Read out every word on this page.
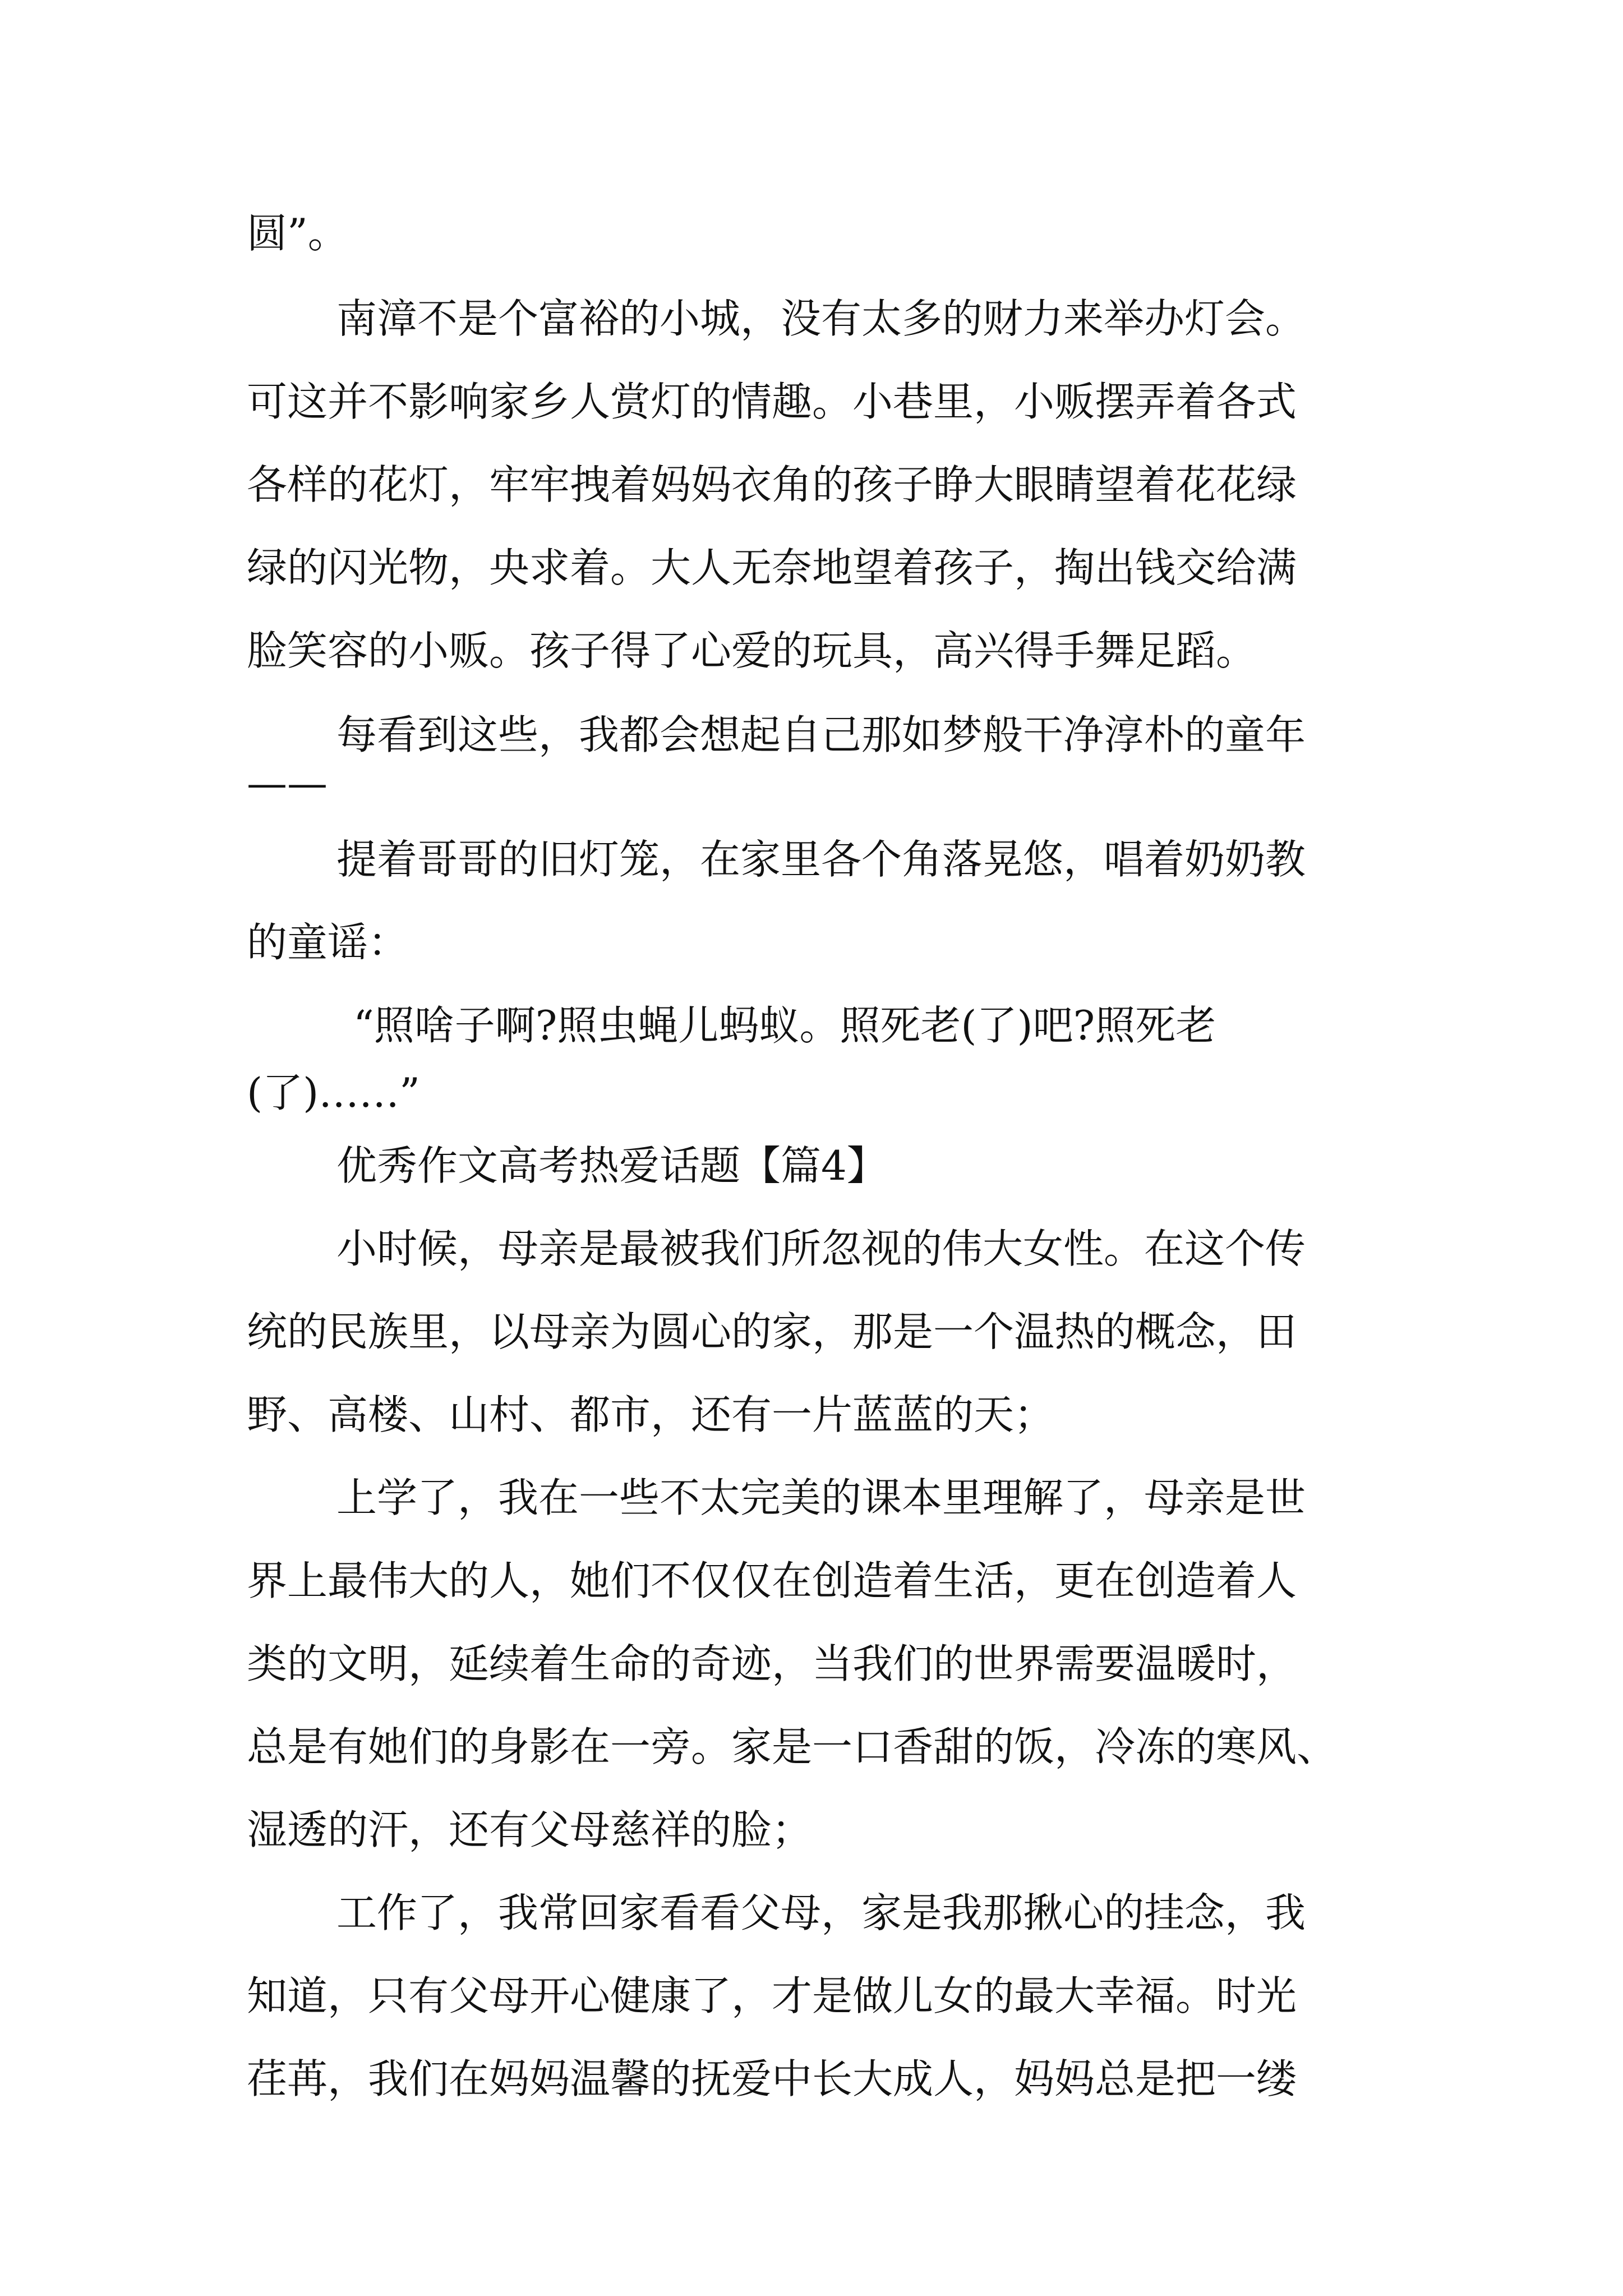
圆”。
南漳不是个富裕的小城，没有太多的财力来举办灯会。
可这并不影响家乡人赏灯的情趣。小巷里，小贩摆弄着各式
各样的花灯，牢牢拽着妈妈衣角的孩子睁大眼睛望着花花绿
绿的闪光物，央求着。大人无奈地望着孩子，掏出钱交给满
脸笑容的小贩。孩子得了心爱的玩具，高兴得手舞足蹈。
每看到这些，我都会想起自己那如梦般干净淳朴的童年
——
提着哥哥的旧灯笼，在家里各个角落晃悠，唱着奶奶教
的童谣：
“照啥子啊?照虫蝇儿蚂蚁。照死老(了)吧?照死老
(了)……”
优秀作文高考热爱话题【篇4】
小时候，母亲是最被我们所忽视的伟大女性。在这个传
统的民族里，以母亲为圆心的家，那是一个温热的概念，田
野、高楼、山村、都市，还有一片蓝蓝的天；
上学了，我在一些不太完美的课本里理解了，母亲是世
界上最伟大的人，她们不仅仅在创造着生活，更在创造着人
类的文明，延续着生命的奇迹，当我们的世界需要温暖时，
总是有她们的身影在一旁。家是一口香甜的饭，冷冻的寒风、
湿透的汗，还有父母慈祥的脸；
工作了，我常回家看看父母，家是我那揪心的挂念，我
知道，只有父母开心健康了，才是做儿女的最大幸福。时光
荏苒，我们在妈妈温馨的抚爱中长大成人，妈妈总是把一缕
